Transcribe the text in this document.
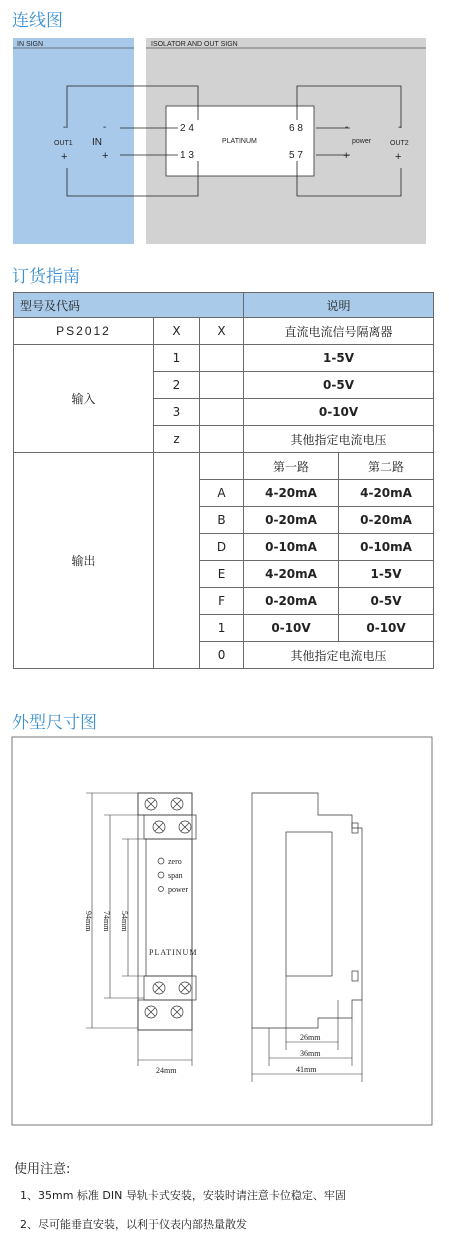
连线图
IN SIGN	ISOLATOR AND OUT SIGN
PLATINUM
-
OUT1
+
-
IN
+
2 4
1 3
6 8
5 7
-
power
+
-
OUT2
+
订货指南
型号及代码			说明	
PS2012	X	X	直流电流信号隔离器	
输入	1		1-5V	
	2		0-5V	
	3		0-10V	
	z		其他指定电流电压	
输出			第一路	第二路
		A	4-20mA	4-20mA
		B	0-20mA	0-20mA
		D	0-10mA	0-10mA
		E	4-20mA	1-5V
		F	0-20mA	0-5V
		1	0-10V	0-10V
		0	其他指定电流电压	
外型尺寸图
zero
span
power
PLATINUM
94mm 74mm 54mm
24mm
26mm
36mm
41mm
使用注意:

1、35mm 标准 DIN 导轨卡式安装，安装时请注意卡位稳定、牢固

2、尽可能垂直安装，以利于仪表内部热量散发
